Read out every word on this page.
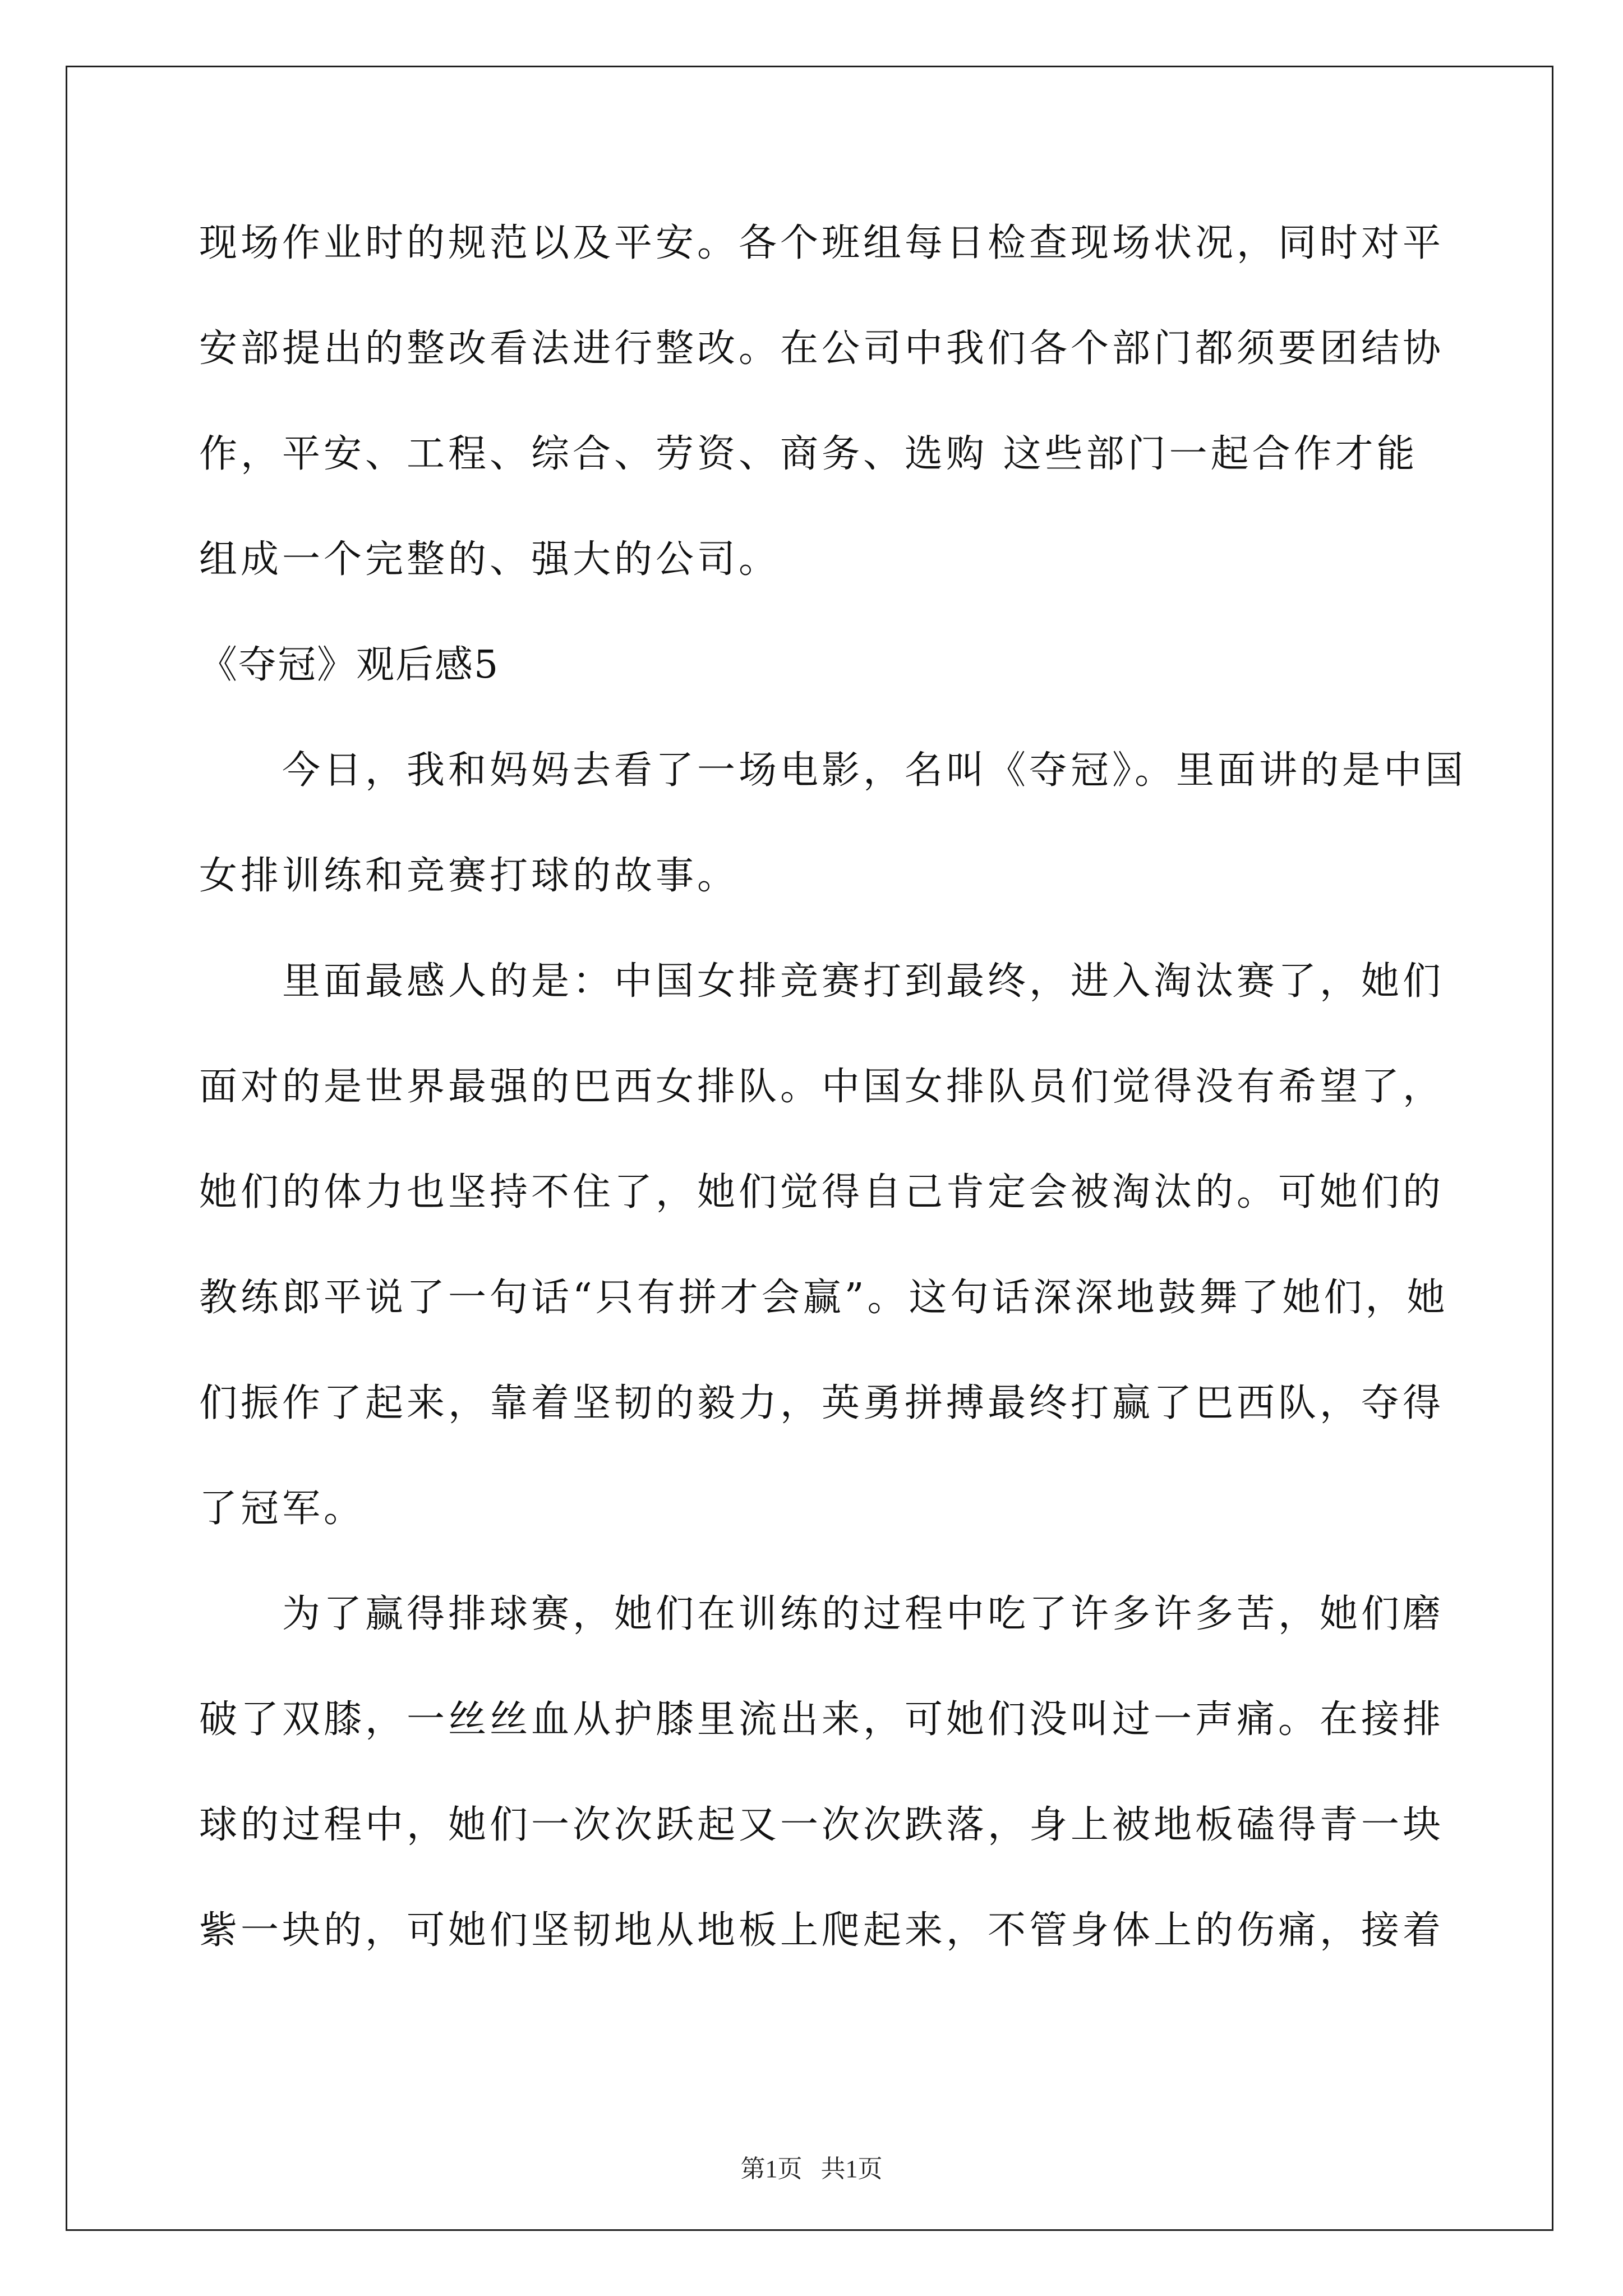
现场作业时的规范以及平安。各个班组每日检查现场状况，同时对平
安部提出的整改看法进行整改。在公司中我们各个部门都须要团结协
作，平安、工程、综合、劳资、商务、选购 这些部门一起合作才能
组成一个完整的、强大的公司。
《夺冠》观后感5
今日，我和妈妈去看了一场电影，名叫《夺冠》。里面讲的是中国
女排训练和竞赛打球的故事。
里面最感人的是：中国女排竞赛打到最终，进入淘汰赛了，她们
面对的是世界最强的巴西女排队。中国女排队员们觉得没有希望了，
她们的体力也坚持不住了，她们觉得自己肯定会被淘汰的。可她们的
教练郎平说了一句话“只有拼才会赢”。这句话深深地鼓舞了她们，她
们振作了起来，靠着坚韧的毅力，英勇拼搏最终打赢了巴西队，夺得
了冠军。
为了赢得排球赛，她们在训练的过程中吃了许多许多苦，她们磨
破了双膝，一丝丝血从护膝里流出来，可她们没叫过一声痛。在接排
球的过程中，她们一次次跃起又一次次跌落，身上被地板磕得青一块
紫一块的，可她们坚韧地从地板上爬起来，不管身体上的伤痛，接着
第1页   共1页
